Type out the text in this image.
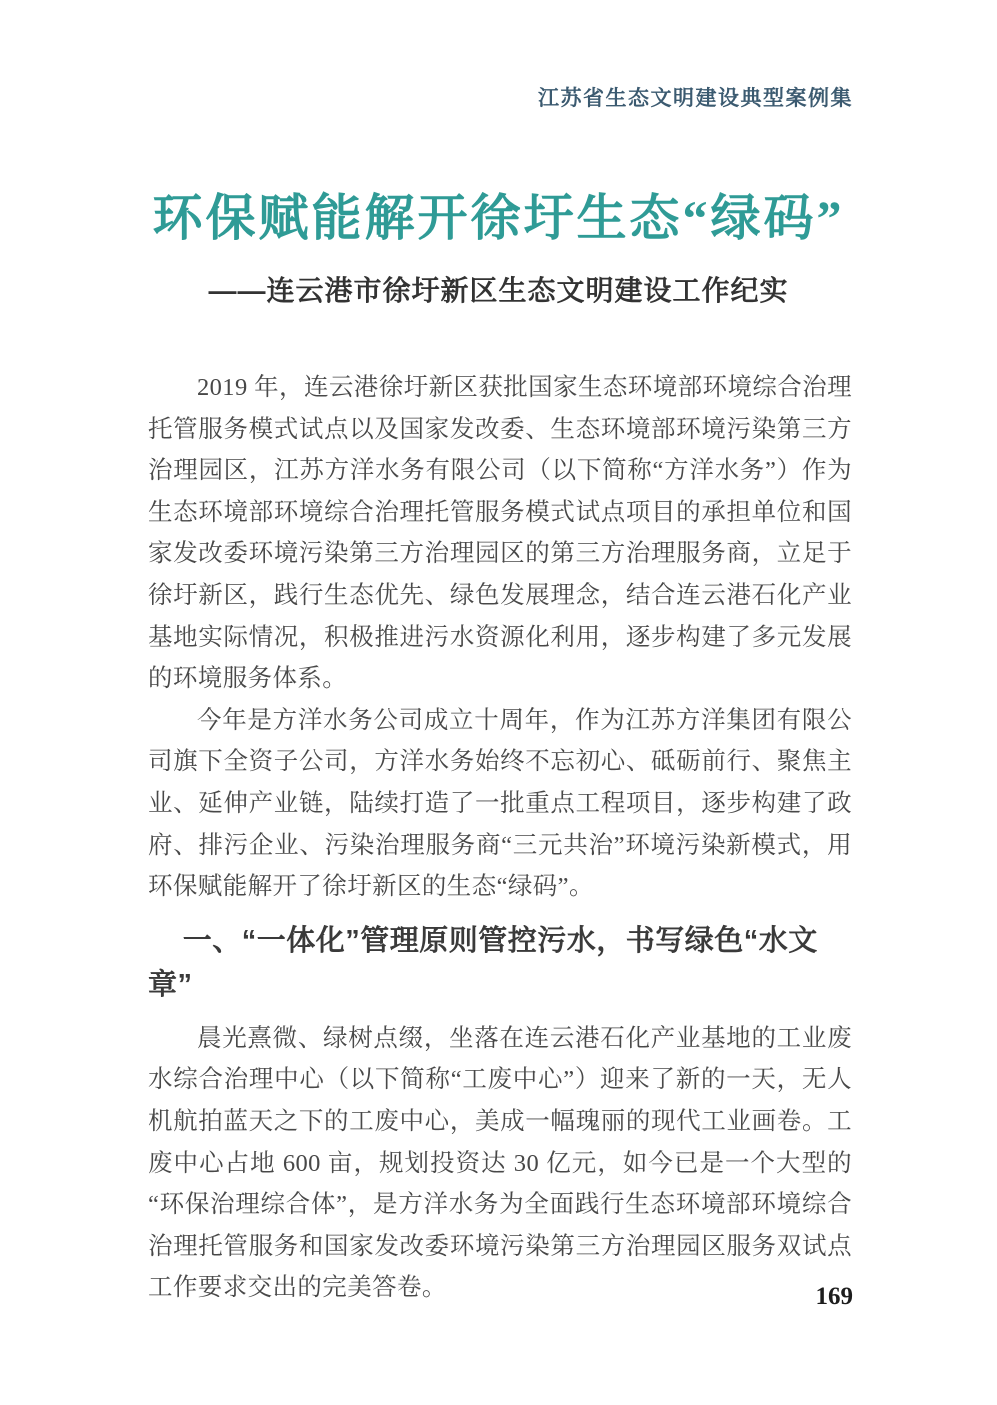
江苏省生态文明建设典型案例集
环保赋能解开徐圩生态“绿码”
——连云港市徐圩新区生态文明建设工作纪实

2019 年，连云港徐圩新区获批国家生态环境部环境综合治理托管服务模式试点以及国家发改委、生态环境部环境污染第三方治理园区，江苏方洋水务有限公司（以下简称“方洋水务”）作为生态环境部环境综合治理托管服务模式试点项目的承担单位和国家发改委环境污染第三方治理园区的第三方治理服务商，立足于徐圩新区，践行生态优先、绿色发展理念，结合连云港石化产业基地实际情况，积极推进污水资源化利用，逐步构建了多元发展的环境服务体系。

今年是方洋水务公司成立十周年，作为江苏方洋集团有限公司旗下全资子公司，方洋水务始终不忘初心、砥砺前行、聚焦主业、延伸产业链，陆续打造了一批重点工程项目，逐步构建了政府、排污企业、污染治理服务商“三元共治”环境污染新模式，用环保赋能解开了徐圩新区的生态“绿码”。

一、“一体化”管理原则管控污水，书写绿色“水文章”

晨光熹微、绿树点缀，坐落在连云港石化产业基地的工业废水综合治理中心（以下简称“工废中心”）迎来了新的一天，无人机航拍蓝天之下的工废中心，美成一幅瑰丽的现代工业画卷。工废中心占地 600 亩，规划投资达 30 亿元，如今已是一个大型的“环保治理综合体”，是方洋水务为全面践行生态环境部环境综合治理托管服务和国家发改委环境污染第三方治理园区服务双试点工作要求交出的完美答卷。	169
